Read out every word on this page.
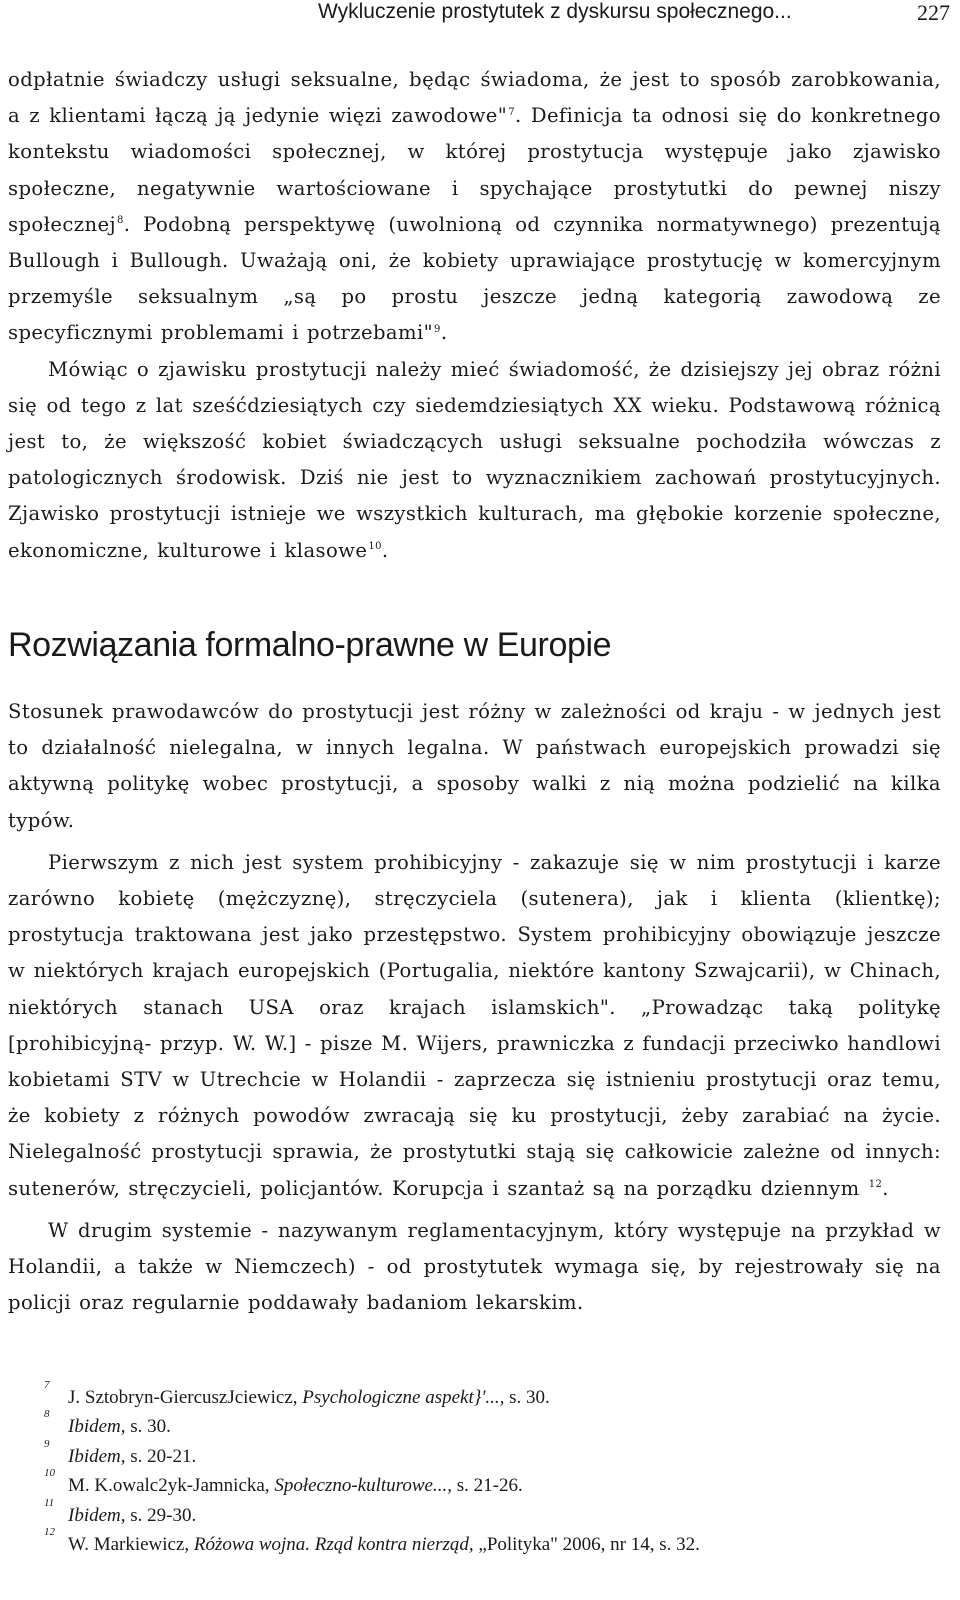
Wykluczenie prostytutek z dyskursu społecznego...	227

odpłatnie świadczy usługi seksualne, będąc świadoma, że jest to sposób zarobkowania, a z klientami łączą ją jedynie więzi zawodowe"$^7$. Definicja ta odnosi się do konkretnego kontekstu wiadomości społecznej, w której prostytucja występuje jako zjawisko społeczne, negatywnie wartościowane i spychające prostytutki do pewnej niszy społecznej$^8$. Podobną perspektywę (uwolnioną od czynnika normatywnego) prezentują Bullough i Bullough. Uważają oni, że kobiety uprawiające prostytucję w komercyjnym przemyśle seksualnym „są po prostu jeszcze jedną kategorią zawodową ze specyficznymi problemami i potrzebami"$^9$.

Mówiąc o zjawisku prostytucji należy mieć świadomość, że dzisiejszy jej obraz różni się od tego z lat sześćdziesiątych czy siedemdziesiątych XX wieku. Podstawową różnicą jest to, że większość kobiet świadczących usługi seksualne pochodziła wówczas z patologicznych środowisk. Dziś nie jest to wyznacznikiem zachowań prostytucyjnych. Zjawisko prostytucji istnieje we wszystkich kulturach, ma głębokie korzenie społeczne, ekonomiczne, kulturowe i klasowe$^{10}$.

Rozwiązania formalno-prawne w Europie

Stosunek prawodawców do prostytucji jest różny w zależności od kraju - w jednych jest to działalność nielegalna, w innych legalna. W państwach europejskich prowadzi się aktywną politykę wobec prostytucji, a sposoby walki z nią można podzielić na kilka typów.

Pierwszym z nich jest system prohibicyjny - zakazuje się w nim prostytucji i karze zarówno kobietę (mężczyznę), stręczyciela (sutenera), jak i klienta (klientkę); prostytucja traktowana jest jako przestępstwo. System prohibicyjny obowiązuje jeszcze w niektórych krajach europejskich (Portugalia, niektóre kantony Szwajcarii), w Chinach, niektórych stanach USA oraz krajach islamskich". „Prowadząc taką politykę [prohibicyjną- przyp. W. W.] - pisze M. Wijers, prawniczka z fundacji przeciwko handlowi kobietami STV w Utrechcie w Holandii - zaprzecza się istnieniu prostytucji oraz temu, że kobiety z różnych powodów zwracają się ku prostytucji, żeby zarabiać na życie. Nielegalność prostytucji sprawia, że prostytutki stają się całkowicie zależne od innych: sutenerów, stręczycieli, policjantów. Korupcja i szantaż są na porządku dziennym $^{12}$.

W drugim systemie - nazywanym reglamentacyjnym, który występuje na przykład w Holandii, a także w Niemczech) - od prostytutek wymaga się, by rejestrowały się na policji oraz regularnie poddawały badaniom lekarskim.

7
J. Sztobryn-GiercuszJciewicz, Psychologiczne aspekt}'..., s. 30.
8
Ibidem, s. 30.
9
Ibidem, s. 20-21.
10
M. K.owalc2yk-Jamnicka, Społeczno-kulturowe..., s. 21-26.
11
Ibidem, s. 29-30.
12
W. Markiewicz, Różowa wojna. Rząd kontra nierząd, „Polityka" 2006, nr 14, s. 32.
